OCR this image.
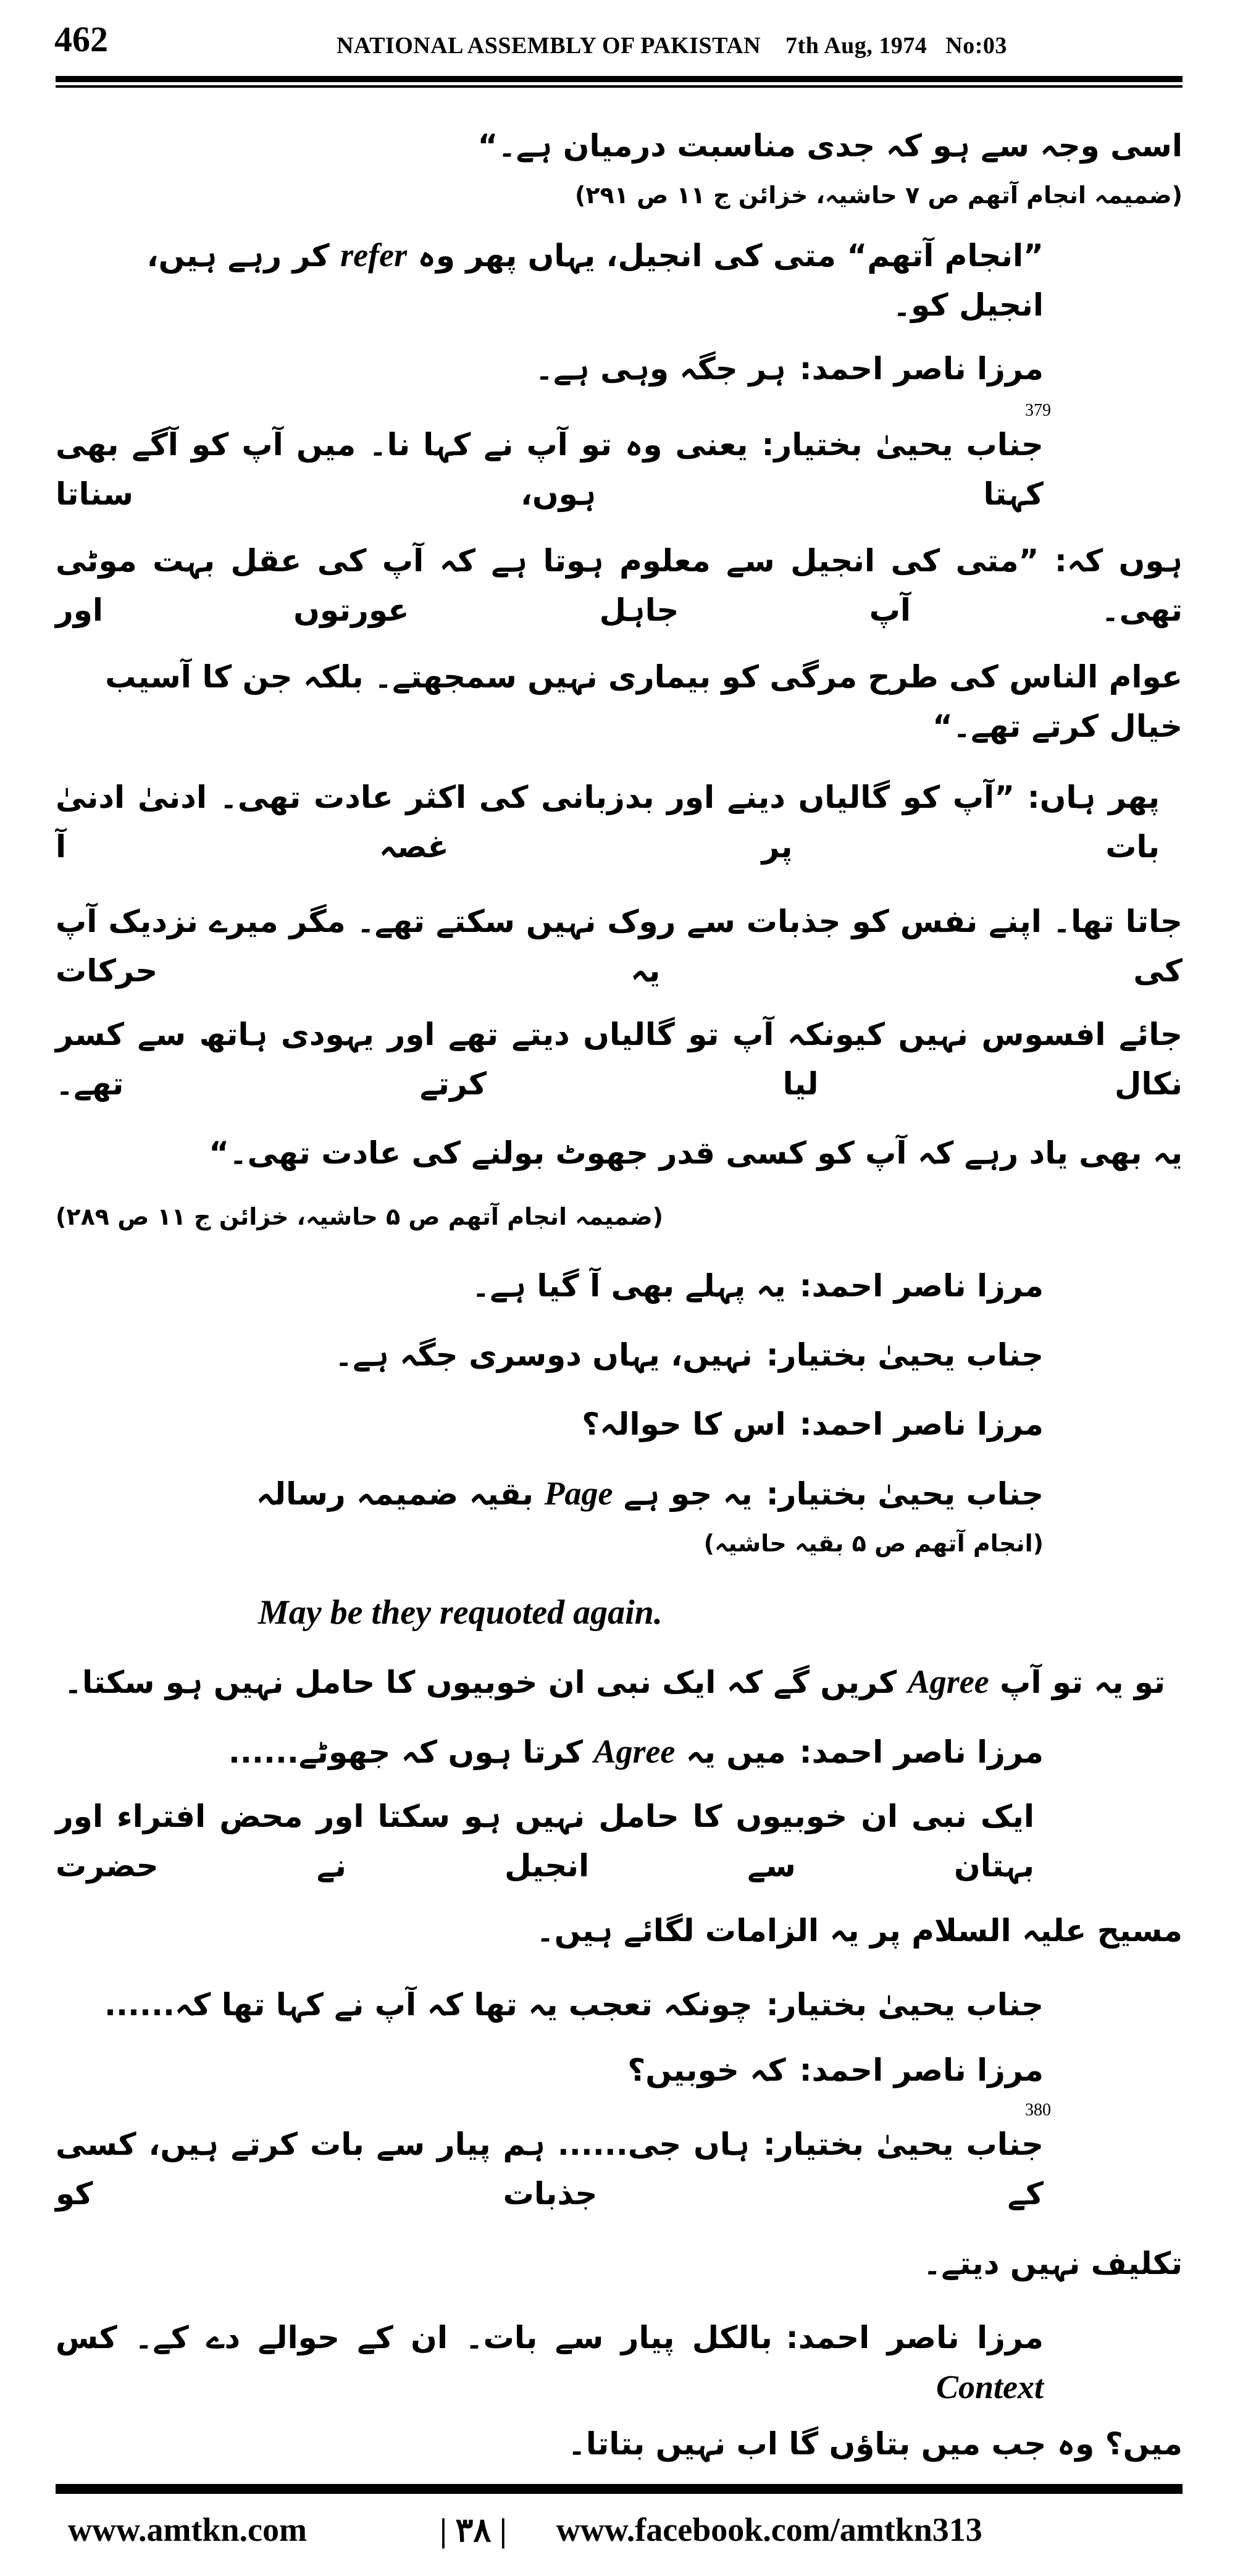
462	NATIONAL ASSEMBLY OF PAKISTAN    7th Aug, 1974   No:03
اسی وجہ سے ہو کہ جدی مناسبت درمیان ہے۔“
(ضمیمہ انجام آتھم ص ۷ حاشیہ، خزائن ج ۱۱ ص ۲۹۱)
”انجام آتھم“ متی کی انجیل، یہاں پھر وہ refer کر رہے ہیں، انجیل کو۔
مرزا ناصر احمد:ہر جگہ وہی ہے۔
379
جناب یحییٰ بختیار:یعنی وہ تو آپ نے کہا نا۔ میں آپ کو آگے بھی کہتا ہوں، سناتا
ہوں کہ: ”متی کی انجیل سے معلوم ہوتا ہے کہ آپ کی عقل بہت موٹی تھی۔ آپ جاہل عورتوں اور
عوام الناس کی طرح مرگی کو بیماری نہیں سمجھتے۔ بلکہ جن کا آسیب خیال کرتے تھے۔“
پھر ہاں: ”آپ کو گالیاں دینے اور بدزبانی کی اکثر عادت تھی۔ ادنیٰ ادنیٰ بات پر غصہ آ
جاتا تھا۔ اپنے نفس کو جذبات سے روک نہیں سکتے تھے۔ مگر میرے نزدیک آپ کی یہ حرکات
جائے افسوس نہیں کیونکہ آپ تو گالیاں دیتے تھے اور یہودی ہاتھ سے کسر نکال لیا کرتے تھے۔
یہ بھی یاد رہے کہ آپ کو کسی قدر جھوٹ بولنے کی عادت تھی۔“
(ضمیمہ انجام آتھم ص ۵ حاشیہ، خزائن ج ۱۱ ص ۲۸۹)
مرزا ناصر احمد:یہ پہلے بھی آ گیا ہے۔
جناب یحییٰ بختیار:نہیں، یہاں دوسری جگہ ہے۔
مرزا ناصر احمد:اس کا حوالہ؟
جناب یحییٰ بختیار:یہ جو ہے Page بقیہ ضمیمہ رسالہ
(انجام آتھم ص ۵ بقیہ حاشیہ)
May be they requoted again.
تو یہ تو آپ Agree کریں گے کہ ایک نبی ان خوبیوں کا حامل نہیں ہو سکتا۔
مرزا ناصر احمد:میں یہ Agree کرتا ہوں کہ جھوٹے......
ایک نبی ان خوبیوں کا حامل نہیں ہو سکتا اور محض افتراء اور بہتان سے انجیل نے حضرت
مسیح علیہ السلام پر یہ الزامات لگائے ہیں۔
جناب یحییٰ بختیار:چونکہ تعجب یہ تھا کہ آپ نے کہا تھا کہ......
مرزا ناصر احمد:کہ خوبیں؟
380
جناب یحییٰ بختیار:ہاں جی...... ہم پیار سے بات کرتے ہیں، کسی کے جذبات کو
تکلیف نہیں دیتے۔
مرزا ناصر احمد:بالکل پیار سے بات۔ ان کے حوالے دے کے۔ کس Context
میں؟ وہ جب میں بتاؤں گا اب نہیں بتاتا۔
www.amtkn.com	| ۳۸ | www.facebook.com/amtkn313
